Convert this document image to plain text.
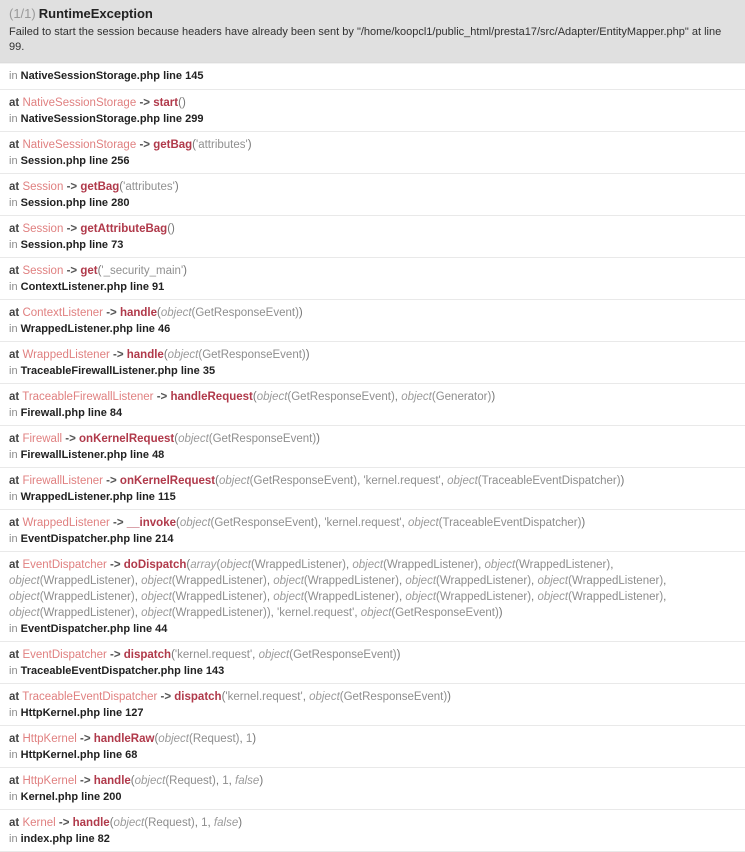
(1/1) RuntimeException
Failed to start the session because headers have already been sent by "/home/koopcl1/public_html/presta17/src/Adapter/EntityMapper.php" at line 99.
in NativeSessionStorage.php line 145
at NativeSessionStorage -> start()
in NativeSessionStorage.php line 299
at NativeSessionStorage -> getBag('attributes')
in Session.php line 256
at Session -> getBag('attributes')
in Session.php line 280
at Session -> getAttributeBag()
in Session.php line 73
at Session -> get('_security_main')
in ContextListener.php line 91
at ContextListener -> handle(object(GetResponseEvent))
in WrappedListener.php line 46
at WrappedListener -> handle(object(GetResponseEvent))
in TraceableFirewallListener.php line 35
at TraceableFirewallListener -> handleRequest(object(GetResponseEvent), object(Generator))
in Firewall.php line 84
at Firewall -> onKernelRequest(object(GetResponseEvent))
in FirewallListener.php line 48
at FirewallListener -> onKernelRequest(object(GetResponseEvent), 'kernel.request', object(TraceableEventDispatcher))
in WrappedListener.php line 115
at WrappedListener -> __invoke(object(GetResponseEvent), 'kernel.request', object(TraceableEventDispatcher))
in EventDispatcher.php line 214
at EventDispatcher -> doDispatch(array(object(WrappedListener), object(WrappedListener), object(WrappedListener), object(WrappedListener), object(WrappedListener), object(WrappedListener), object(WrappedListener), object(WrappedListener), object(WrappedListener), object(WrappedListener), object(WrappedListener), object(WrappedListener), object(WrappedListener), object(WrappedListener), object(WrappedListener)), 'kernel.request', object(GetResponseEvent))
in EventDispatcher.php line 44
at EventDispatcher -> dispatch('kernel.request', object(GetResponseEvent))
in TraceableEventDispatcher.php line 143
at TraceableEventDispatcher -> dispatch('kernel.request', object(GetResponseEvent))
in HttpKernel.php line 127
at HttpKernel -> handleRaw(object(Request), 1)
in HttpKernel.php line 68
at HttpKernel -> handle(object(Request), 1, false)
in Kernel.php line 200
at Kernel -> handle(object(Request), 1, false)
in index.php line 82
